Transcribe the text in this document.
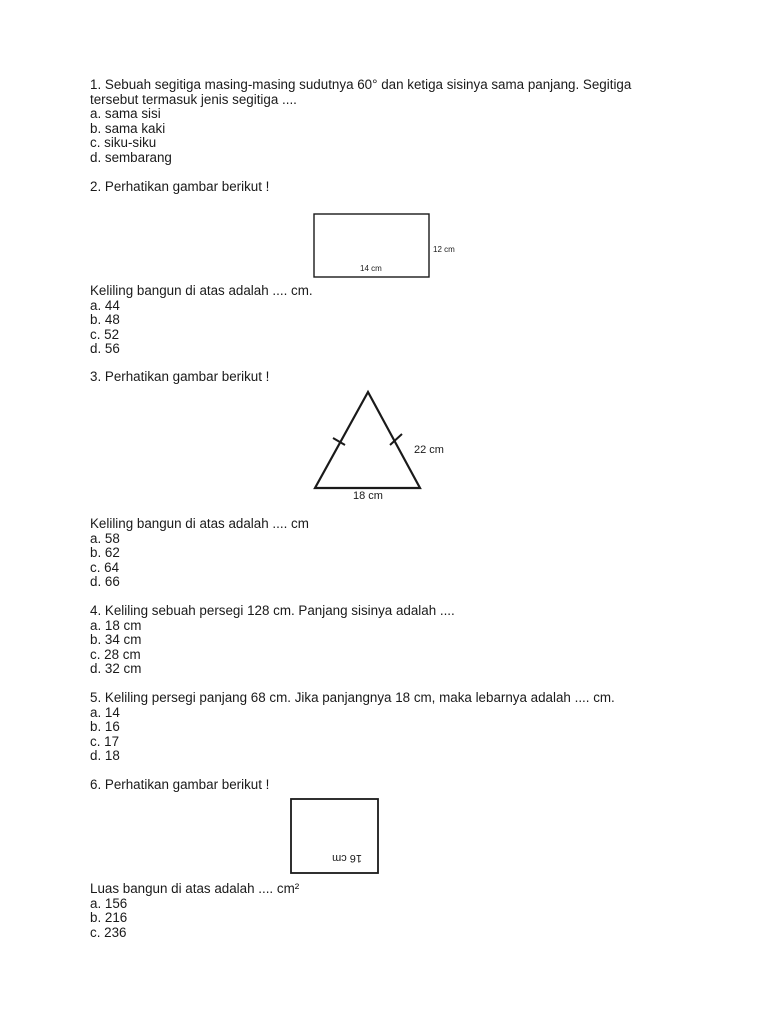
1. Sebuah segitiga masing-masing sudutnya 60° dan ketiga sisinya sama panjang. Segitiga
tersebut termasuk jenis segitiga ....
a. sama sisi
b. sama kaki
c. siku-siku
d. sembarang
2. Perhatikan gambar berikut !
12 cm
14 cm
Keliling bangun di atas adalah .... cm.
a. 44
b. 48
c. 52
d. 56
3. Perhatikan gambar berikut !
22 cm
18 cm
Keliling bangun di atas adalah .... cm
a. 58
b. 62
c. 64
d. 66
4. Keliling sebuah persegi 128 cm. Panjang sisinya adalah ....
a. 18 cm
b. 34 cm
c. 28 cm
d. 32 cm
5. Keliling persegi panjang 68 cm. Jika panjangnya 18 cm, maka lebarnya adalah .... cm.
a. 14
b. 16
c. 17
d. 18
6. Perhatikan gambar berikut !
16 cm
Luas bangun di atas adalah .... cm²
a. 156
b. 216
c. 236
